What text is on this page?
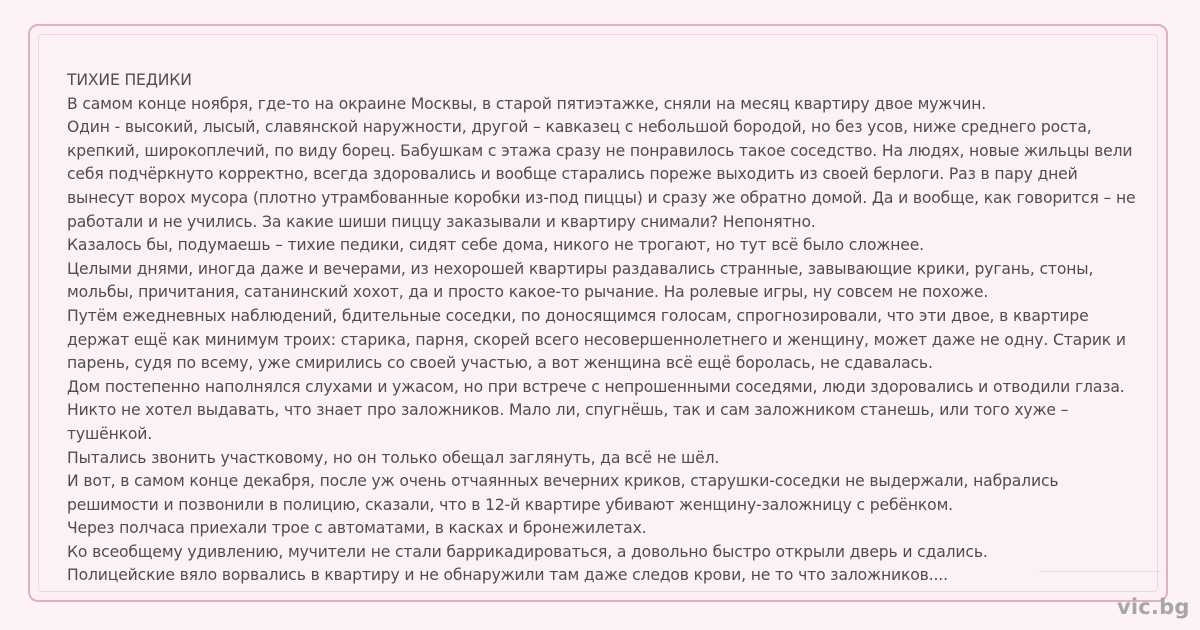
ТИХИЕ ПЕДИКИ

В самом конце ноября, где-то на окраине Москвы, в старой пятиэтажке, сняли на месяц квартиру двое мужчин.

Один - высокий, лысый, славянской наружности, другой – кавказец с небольшой бородой, но без усов, ниже среднего роста, крепкий, широкоплечий, по виду борец. Бабушкам с этажа сразу не понравилось такое соседство. На людях, новые жильцы вели себя подчёркнуто корректно, всегда здоровались и вообще старались пореже выходить из своей берлоги. Раз в пару дней вынесут ворох мусора (плотно утрамбованные коробки из-под пиццы) и сразу же обратно домой. Да и вообще, как говорится – не работали и не учились. За какие шиши пиццу заказывали и квартиру снимали? Непонятно.

Казалось бы, подумаешь – тихие педики, сидят себе дома, никого не трогают, но тут всё было сложнее.

Целыми днями, иногда даже и вечерами, из нехорошей квартиры раздавались странные, завывающие крики, ругань, стоны, мольбы, причитания, сатанинский хохот, да и просто какое-то рычание. На ролевые игры, ну совсем не похоже.

Путём ежедневных наблюдений, бдительные соседки, по доносящимся голосам, спрогнозировали, что эти двое, в квартире держат ещё как минимум троих: старика, парня, скорей всего несовершеннолетнего и женщину, может даже не одну. Старик и парень, судя по всему, уже смирились со своей участью, а вот женщина всё ещё боролась, не сдавалась.

Дом постепенно наполнялся слухами и ужасом, но при встрече с непрошенными соседями, люди здоровались и отводили глаза.

Никто не хотел выдавать, что знает про заложников. Мало ли, спугнёшь, так и сам заложником станешь, или того хуже – тушёнкой.

Пытались звонить участковому, но он только обещал заглянуть, да всё не шёл.

И вот, в самом конце декабря, после уж очень отчаянных вечерних криков, старушки-соседки не выдержали, набрались решимости и позвонили в полицию, сказали, что в 12-й квартире убивают женщину-заложницу с ребёнком.

Через полчаса приехали трое с автоматами, в касках и бронежилетах.

Ко всеобщему удивлению, мучители не стали баррикадироваться, а довольно быстро открыли дверь и сдались.

Полицейские вяло ворвались в квартиру и не обнаружили там даже следов крови, не то что заложников....

vic.bg
